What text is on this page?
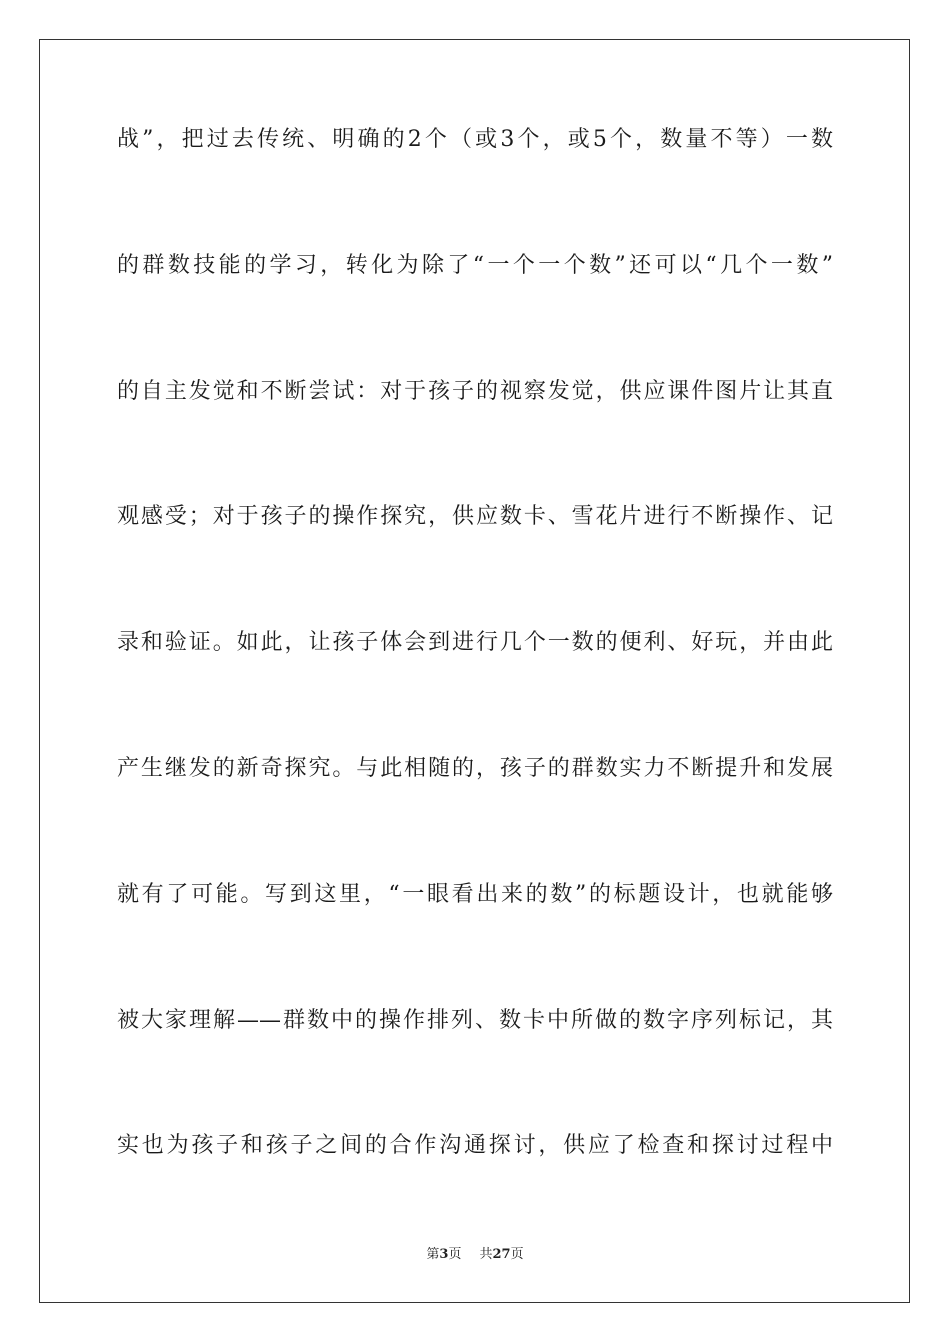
战”，把过去传统、明确的2个（或3个，或5个，数量不等）一数
的群数技能的学习，转化为除了“一个一个数”还可以“几个一数”
的自主发觉和不断尝试：对于孩子的视察发觉，供应课件图片让其直
观感受；对于孩子的操作探究，供应数卡、雪花片进行不断操作、记
录和验证。如此，让孩子体会到进行几个一数的便利、好玩，并由此
产生继发的新奇探究。与此相随的，孩子的群数实力不断提升和发展
就有了可能。写到这里，“一眼看出来的数”的标题设计，也就能够
被大家理解——群数中的操作排列、数卡中所做的数字序列标记，其
实也为孩子和孩子之间的合作沟通探讨，供应了检查和探讨过程中
第3页 共27页
